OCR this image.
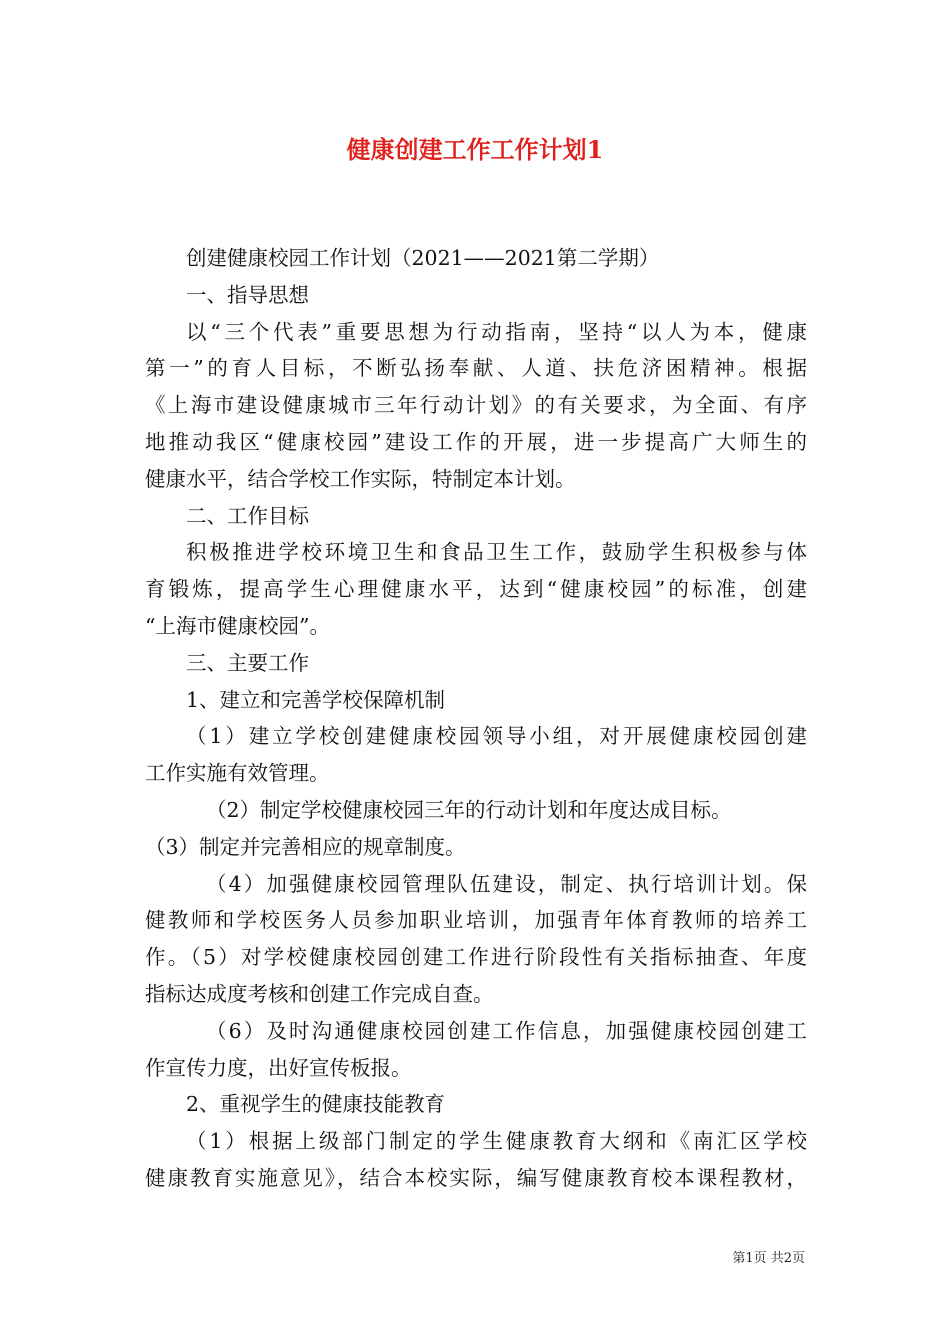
健康创建工作工作计划1
创建健康校园工作计划（2021——2021第二学期）
一、指导思想
以“三个代表”重要思想为行动指南，坚持“以人为本，健康
第一”的育人目标，不断弘扬奉献、人道、扶危济困精神。根据
《上海市建设健康城市三年行动计划》的有关要求，为全面、有序
地推动我区“健康校园”建设工作的开展，进一步提高广大师生的
健康水平，结合学校工作实际，特制定本计划。
二、工作目标
积极推进学校环境卫生和食品卫生工作，鼓励学生积极参与体
育锻炼，提高学生心理健康水平，达到“健康校园”的标准，创建
“上海市健康校园”。
三、主要工作
1、建立和完善学校保障机制
（1）建立学校创建健康校园领导小组，对开展健康校园创建
工作实施有效管理。
（2）制定学校健康校园三年的行动计划和年度达成目标。
（3）制定并完善相应的规章制度。
（4）加强健康校园管理队伍建设，制定、执行培训计划。保
健教师和学校医务人员参加职业培训，加强青年体育教师的培养工
作。（5）对学校健康校园创建工作进行阶段性有关指标抽查、年度
指标达成度考核和创建工作完成自查。
（6）及时沟通健康校园创建工作信息，加强健康校园创建工
作宣传力度，出好宣传板报。
2、重视学生的健康技能教育
（1）根据上级部门制定的学生健康教育大纲和《南汇区学校
健康教育实施意见》，结合本校实际，编写健康教育校本课程教材，
第1页 共2页
